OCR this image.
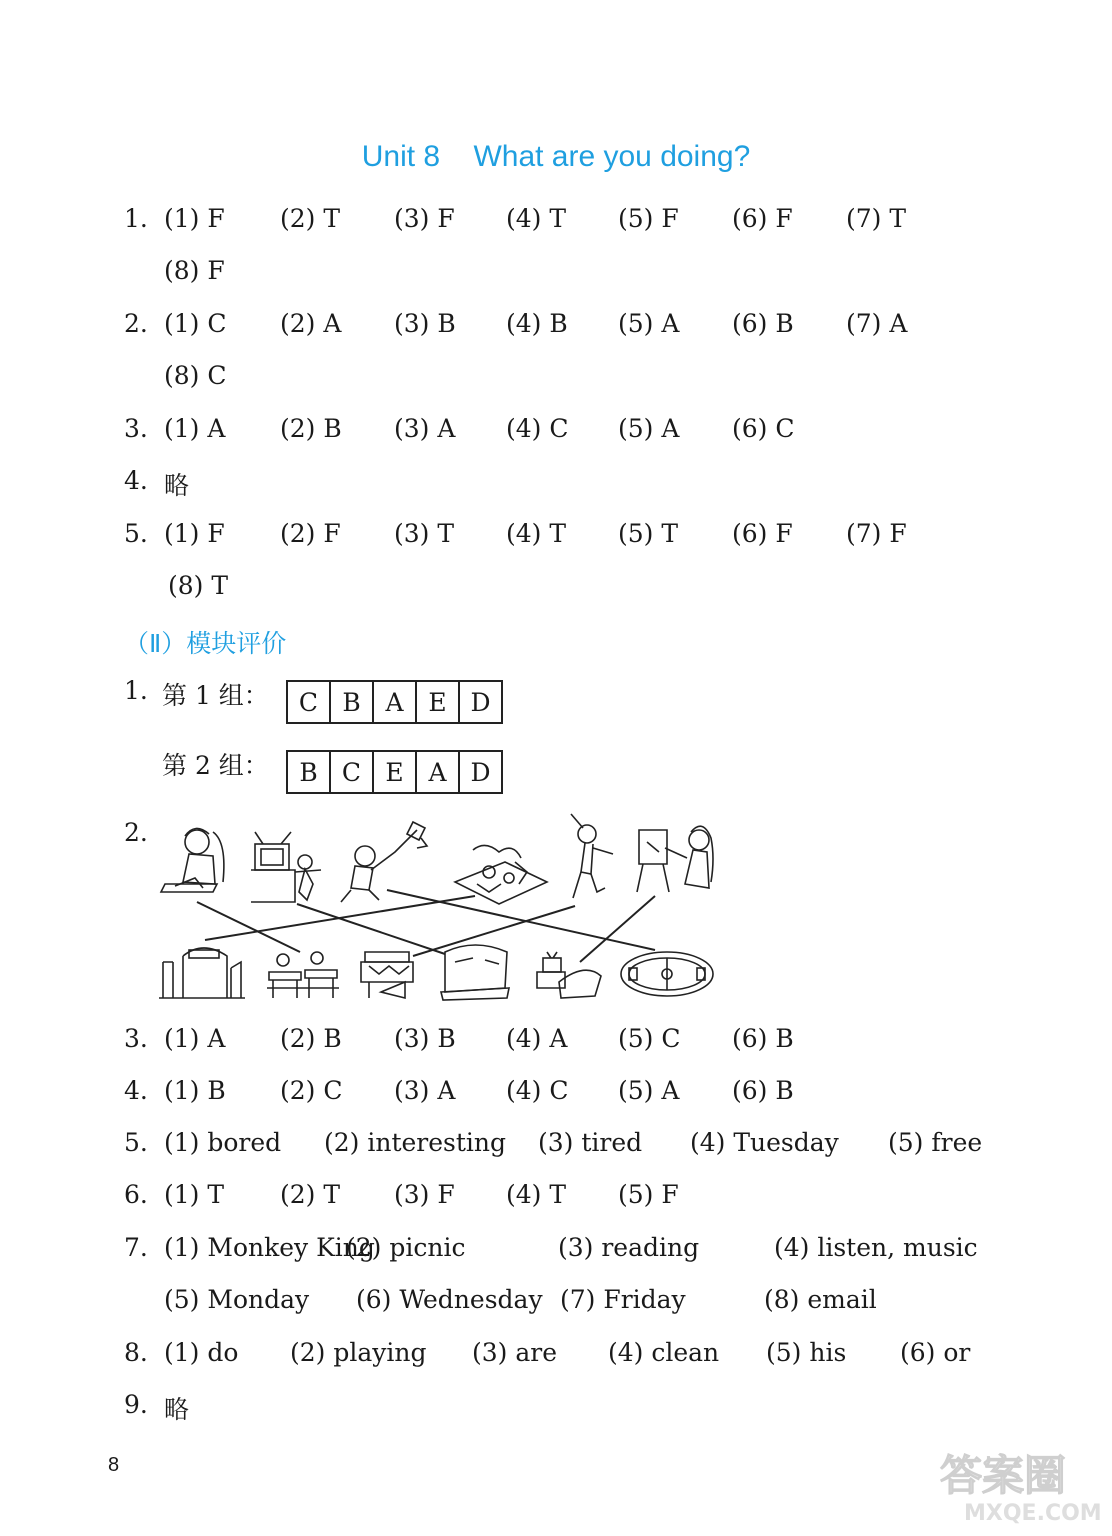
Unit 8 What are you doing?
1. (1) F (2) T (3) F (4) T (5) F (6) F (7) T
(8) F
2. (1) C (2) A (3) B (4) B (5) A (6) B (7) A
(8) C
3. (1) A (2) B (3) A (4) C (5) A (6) C
4. 略
5. (1) F (2) F (3) T (4) T (5) T (6) F (7) F
(8) T
（Ⅱ）模块评价
1. 第 1 组：	C B A E D
第 2 组：	B C E A D
2.
3. (1) A (2) B (3) B (4) A (5) C (6) B
4. (1) B (2) C (3) A (4) C (5) A (6) B
5. (1) bored (2) interesting (3) tired (4) Tuesday (5) free
6. (1) T (2) T (3) F (4) T (5) F
7. (1) Monkey King
(2) picnic	(3) reading	(4) listen, music
(5) Monday (6) Wednesday (7) Friday	(8) email
8. (1) do (2) playing (3) are (4) clean (5) his (6) or
9. 略
8	答案圈
MXQE.COM
